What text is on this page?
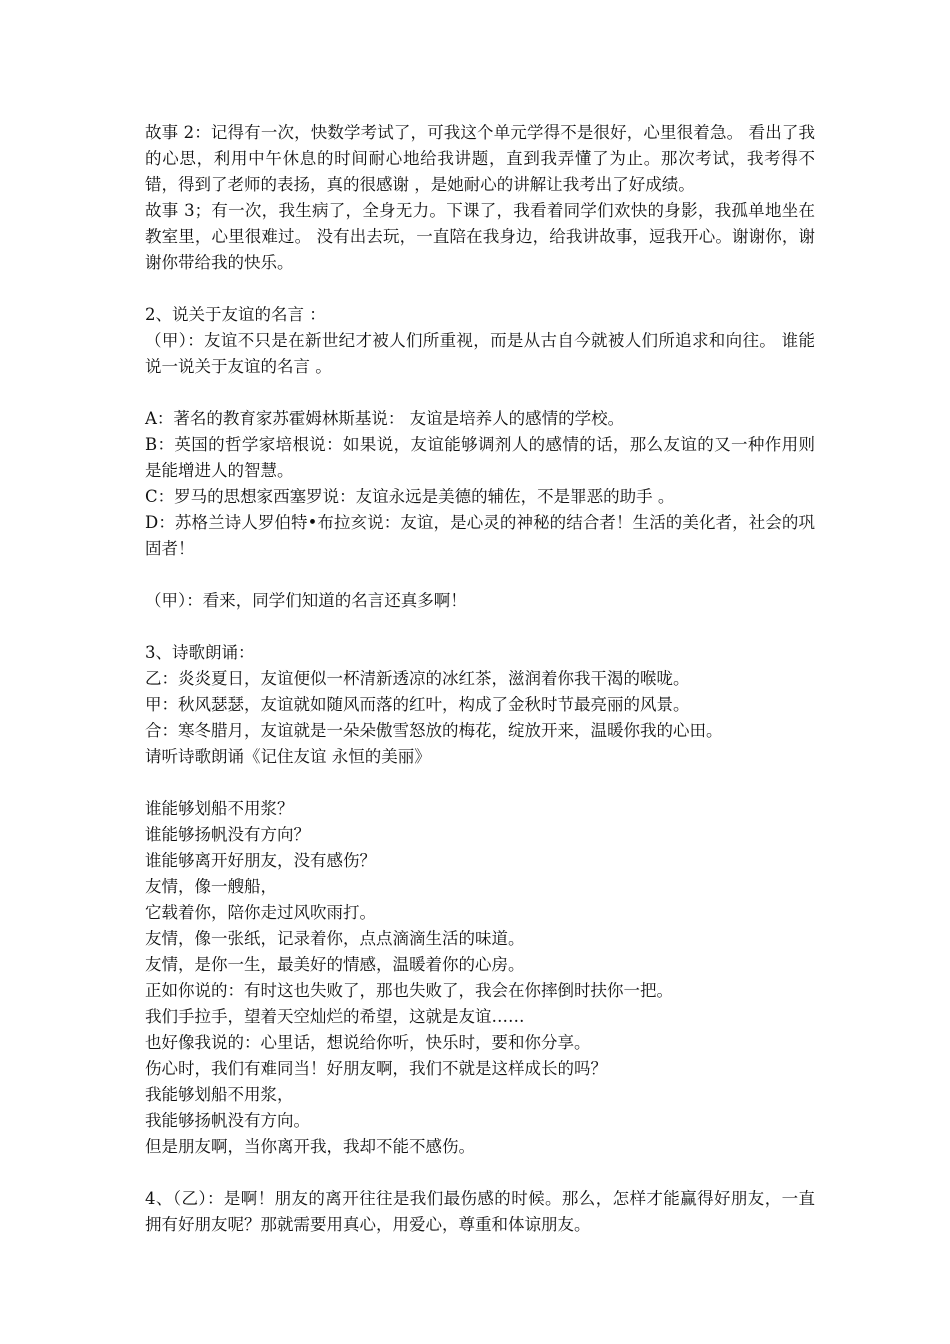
故事 2：记得有一次，快数学考试了，可我这个单元学得不是很好，心里很着急。 看出了我的心思，利用中午休息的时间耐心地给我讲题，直到我弄懂了为止。那次考试，我考得不错，得到了老师的表扬，真的很感谢 ，是她耐心的讲解让我考出了好成绩。

故事 3；有一次，我生病了，全身无力。下课了，我看着同学们欢快的身影，我孤单地坐在教室里，心里很难过。 没有出去玩，一直陪在我身边，给我讲故事，逗我开心。谢谢你，谢谢你带给我的快乐。

2、说关于友谊的名言 ：

（甲）：友谊不只是在新世纪才被人们所重视，而是从古自今就被人们所追求和向往。 谁能说一说关于友谊的名言 。

A：著名的教育家苏霍姆林斯基说： 友谊是培养人的感情的学校。

B：英国的哲学家培根说：如果说，友谊能够调剂人的感情的话，那么友谊的又一种作用则是能增进人的智慧。

C：罗马的思想家西塞罗说：友谊永远是美德的辅佐，不是罪恶的助手 。

D：苏格兰诗人罗伯特•布拉亥说：友谊，是心灵的神秘的结合者！生活的美化者，社会的巩固者！

（甲）：看来，同学们知道的名言还真多啊！

3、诗歌朗诵：

乙：炎炎夏日，友谊便似一杯清新透凉的冰红茶，滋润着你我干渴的喉咙。

甲：秋风瑟瑟，友谊就如随风而落的红叶，构成了金秋时节最亮丽的风景。

合：寒冬腊月，友谊就是一朵朵傲雪怒放的梅花，绽放开来，温暖你我的心田。

请听诗歌朗诵《记住友谊 永恒的美丽》

谁能够划船不用浆？

谁能够扬帆没有方向？

谁能够离开好朋友，没有感伤？

友情，像一艘船，

它载着你，陪你走过风吹雨打。

友情，像一张纸，记录着你，点点滴滴生活的味道。

友情，是你一生，最美好的情感，温暖着你的心房。

正如你说的：有时这也失败了，那也失败了，我会在你摔倒时扶你一把。

我们手拉手，望着天空灿烂的希望，这就是友谊……

也好像我说的：心里话，想说给你听，快乐时，要和你分享。

伤心时，我们有难同当！好朋友啊，我们不就是这样成长的吗？

我能够划船不用浆，

我能够扬帆没有方向。

但是朋友啊，当你离开我，我却不能不感伤。

4、（乙）：是啊！朋友的离开往往是我们最伤感的时候。那么，怎样才能赢得好朋友，一直拥有好朋友呢？那就需要用真心，用爱心，尊重和体谅朋友。
